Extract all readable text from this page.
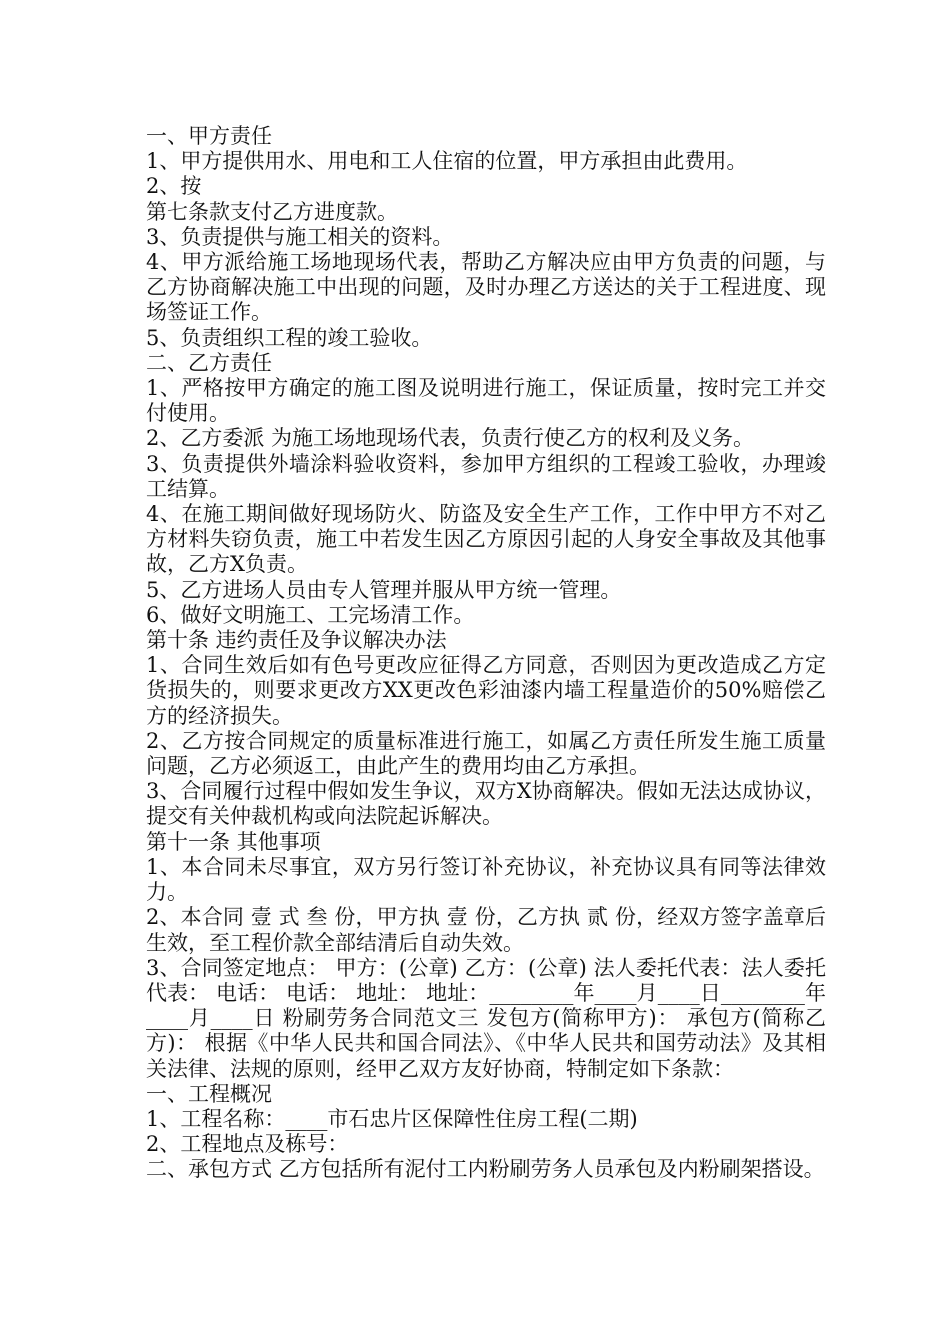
一、甲方责任

1、甲方提供用水、用电和工人住宿的位置，甲方承担由此费用。

2、按

第七条款支付乙方进度款。

3、负责提供与施工相关的资料。

4、甲方派给施工场地现场代表，帮助乙方解决应由甲方负责的问题，与乙方协商解决施工中出现的问题，及时办理乙方送达的关于工程进度、现场签证工作。

5、负责组织工程的竣工验收。

二、乙方责任

1、严格按甲方确定的施工图及说明进行施工，保证质量，按时完工并交付使用。

2、乙方委派 为施工场地现场代表，负责行使乙方的权利及义务。

3、负责提供外墙涂料验收资料，参加甲方组织的工程竣工验收，办理竣工结算。

4、在施工期间做好现场防火、防盗及安全生产工作，工作中甲方不对乙方材料失窃负责，施工中若发生因乙方原因引起的人身安全事故及其他事故，乙方X负责。

5、乙方进场人员由专人管理并服从甲方统一管理。

6、做好文明施工、工完场清工作。

第十条 违约责任及争议解决办法

1、合同生效后如有色号更改应征得乙方同意，否则因为更改造成乙方定货损失的，则要求更改方XX更改色彩油漆内墙工程量造价的50%赔偿乙方的经济损失。

2、乙方按合同规定的质量标准进行施工，如属乙方责任所发生施工质量问题，乙方必须返工，由此产生的费用均由乙方承担。

3、合同履行过程中假如发生争议，双方X协商解决。假如无法达成协议，提交有关仲裁机构或向法院起诉解决。

第十一条 其他事项

1、本合同未尽事宜，双方另行签订补充协议，补充协议具有同等法律效力。

2、本合同 壹 式 叁 份，甲方执 壹 份，乙方执 贰 份，经双方签字盖章后生效，至工程价款全部结清后自动失效。

3、合同签定地点： 甲方：(公章) 乙方：(公章) 法人委托代表：法人委托代表： 电话： 电话： 地址： 地址：________年____月____日________年____月____日 粉刷劳务合同范文三 发包方(简称甲方)： 承包方(简称乙方)： 根据《中华人民共和国合同法》、《中华人民共和国劳动法》及其相关法律、法规的原则，经甲乙双方友好协商，特制定如下条款：

一、工程概况

1、工程名称：____市石忠片区保障性住房工程(二期)

2、工程地点及栋号：

二、承包方式 乙方包括所有泥付工内粉刷劳务人员承包及内粉刷架搭设。
